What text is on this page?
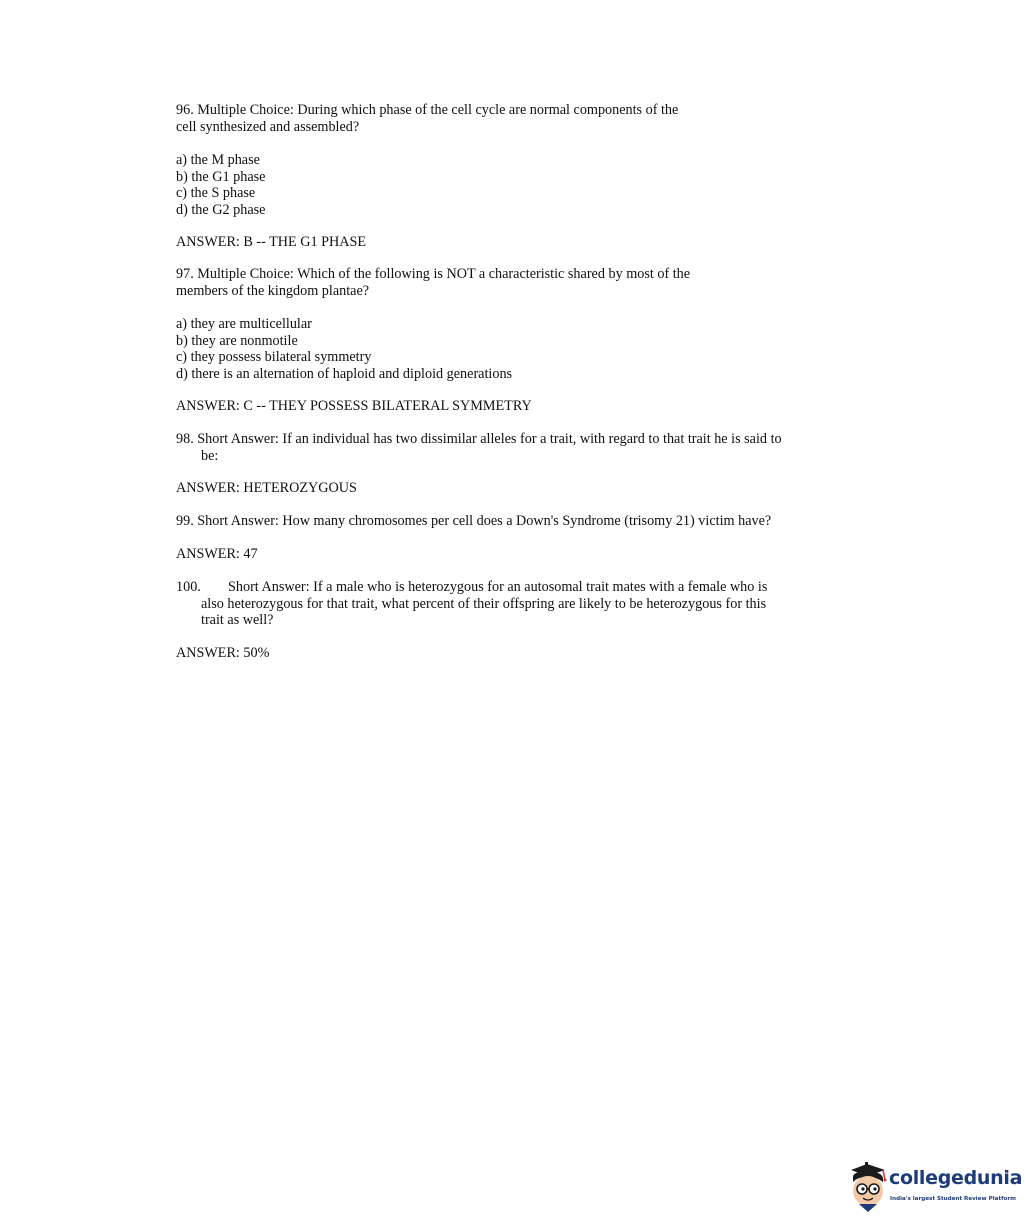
96. Multiple Choice: During which phase of the cell cycle are normal components of the
cell synthesized and assembled?
a) the M phase
b) the G1 phase
c) the S phase
d) the G2 phase
ANSWER: B -- THE G1 PHASE
97. Multiple Choice: Which of the following is NOT a characteristic shared by most of the
members of the kingdom plantae?
a) they are multicellular
b) they are nonmotile
c) they possess bilateral symmetry
d) there is an alternation of haploid and diploid generations
ANSWER: C -- THEY POSSESS BILATERAL SYMMETRY
98. Short Answer: If an individual has two dissimilar alleles for a trait, with regard to that trait he is said to
be:
ANSWER: HETEROZYGOUS
99. Short Answer: How many chromosomes per cell does a Down's Syndrome (trisomy 21) victim have?
ANSWER: 47
100. Short Answer: If a male who is heterozygous for an autosomal trait mates with a female who is
also heterozygous for that trait, what percent of their offspring are likely to be heterozygous for this
trait as well?
ANSWER: 50%
collegedunia
India's largest Student Review Platform
